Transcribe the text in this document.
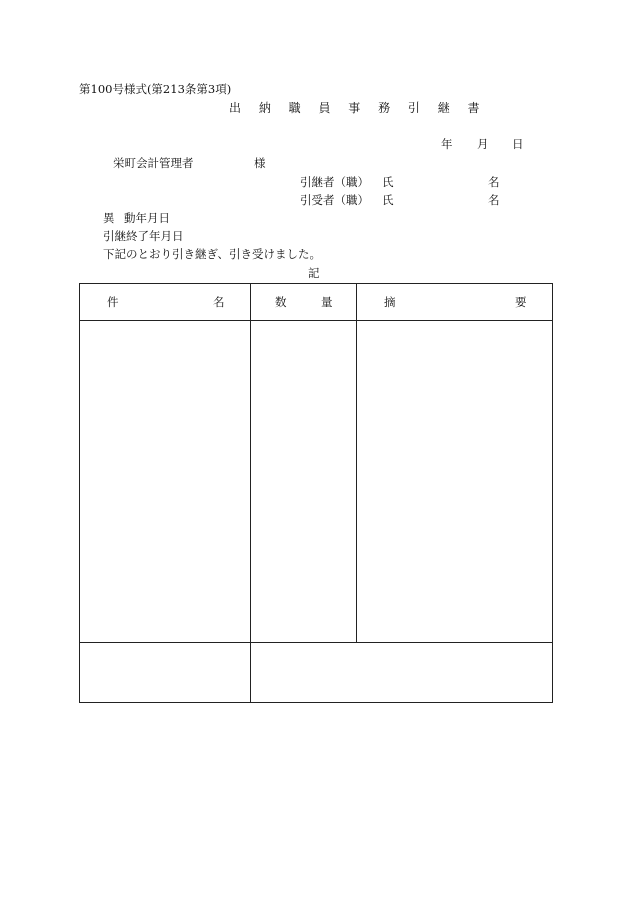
第100号様式(第213条第3項)
出 納 職 員 事 務 引 継 書
年 月 日
栄町会計管理者	様
引継者（職） 氏	名
引受者（職） 氏	名
異 動年月日
引継終了年月日
下記のとおり引き継ぎ、引き受けました。
記
件 名	数 量	摘 要
